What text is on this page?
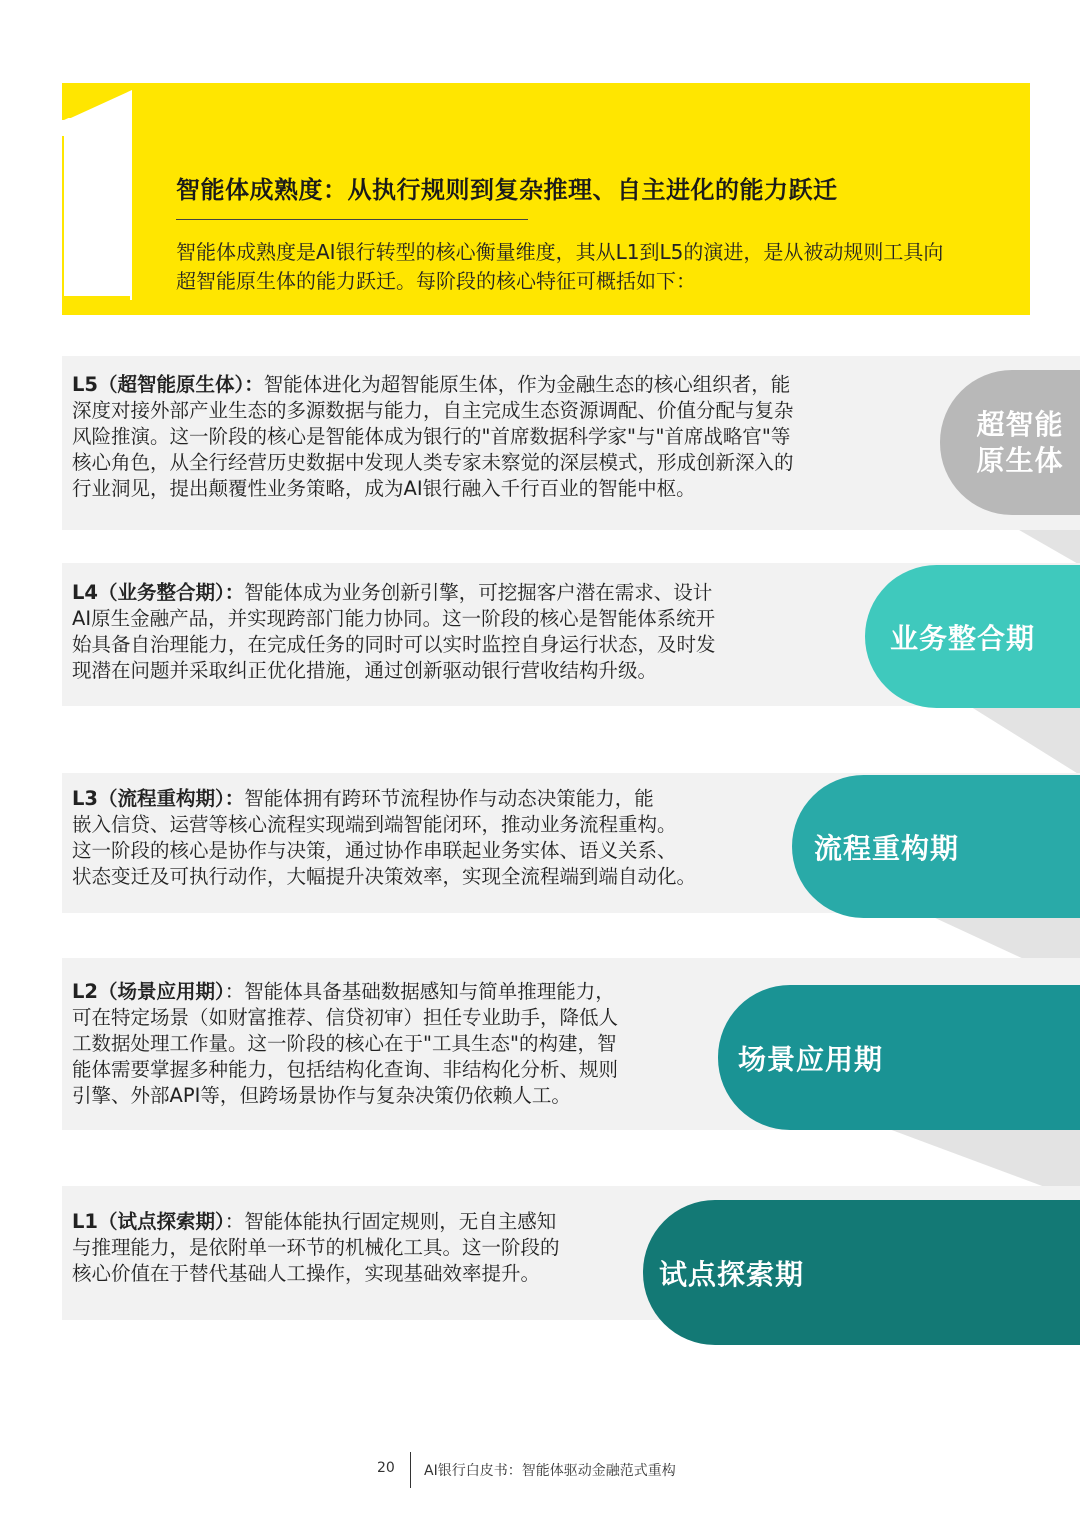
智能体成熟度：从执行规则到复杂推理、自主进化的能力跃迁
智能体成熟度是AI银行转型的核心衡量维度，其从L1到L5的演进，是从被动规则工具向
超智能原生体的能力跃迁。每阶段的核心特征可概括如下：
超智能
原生体
业务整合期
流程重构期
场景应用期
试点探索期
L5（超智能原生体）：智能体进化为超智能原生体，作为金融生态的核心组织者，能
深度对接外部产业生态的多源数据与能力，自主完成生态资源调配、价值分配与复杂
风险推演。这一阶段的核心是智能体成为银行的"首席数据科学家"与"首席战略官"等
核心角色，从全行经营历史数据中发现人类专家未察觉的深层模式，形成创新深入的
行业洞见，提出颠覆性业务策略，成为AI银行融入千行百业的智能中枢。
L4（业务整合期）：智能体成为业务创新引擎，可挖掘客户潜在需求、设计
AI原生金融产品，并实现跨部门能力协同。这一阶段的核心是智能体系统开
始具备自治理能力，在完成任务的同时可以实时监控自身运行状态，及时发
现潜在问题并采取纠正优化措施，通过创新驱动银行营收结构升级。
L3（流程重构期）：智能体拥有跨环节流程协作与动态决策能力，能
嵌入信贷、运营等核心流程实现端到端智能闭环，推动业务流程重构。
这一阶段的核心是协作与决策，通过协作串联起业务实体、语义关系、
状态变迁及可执行动作，大幅提升决策效率，实现全流程端到端自动化。
L2（场景应用期）：智能体具备基础数据感知与简单推理能力，
可在特定场景（如财富推荐、信贷初审）担任专业助手，降低人
工数据处理工作量。这一阶段的核心在于"工具生态"的构建，智
能体需要掌握多种能力，包括结构化查询、非结构化分析、规则
引擎、外部API等，但跨场景协作与复杂决策仍依赖人工。
L1（试点探索期）：智能体能执行固定规则，无自主感知
与推理能力，是依附单一环节的机械化工具。这一阶段的
核心价值在于替代基础人工操作，实现基础效率提升。
20 AI银行白皮书：智能体驱动金融范式重构
